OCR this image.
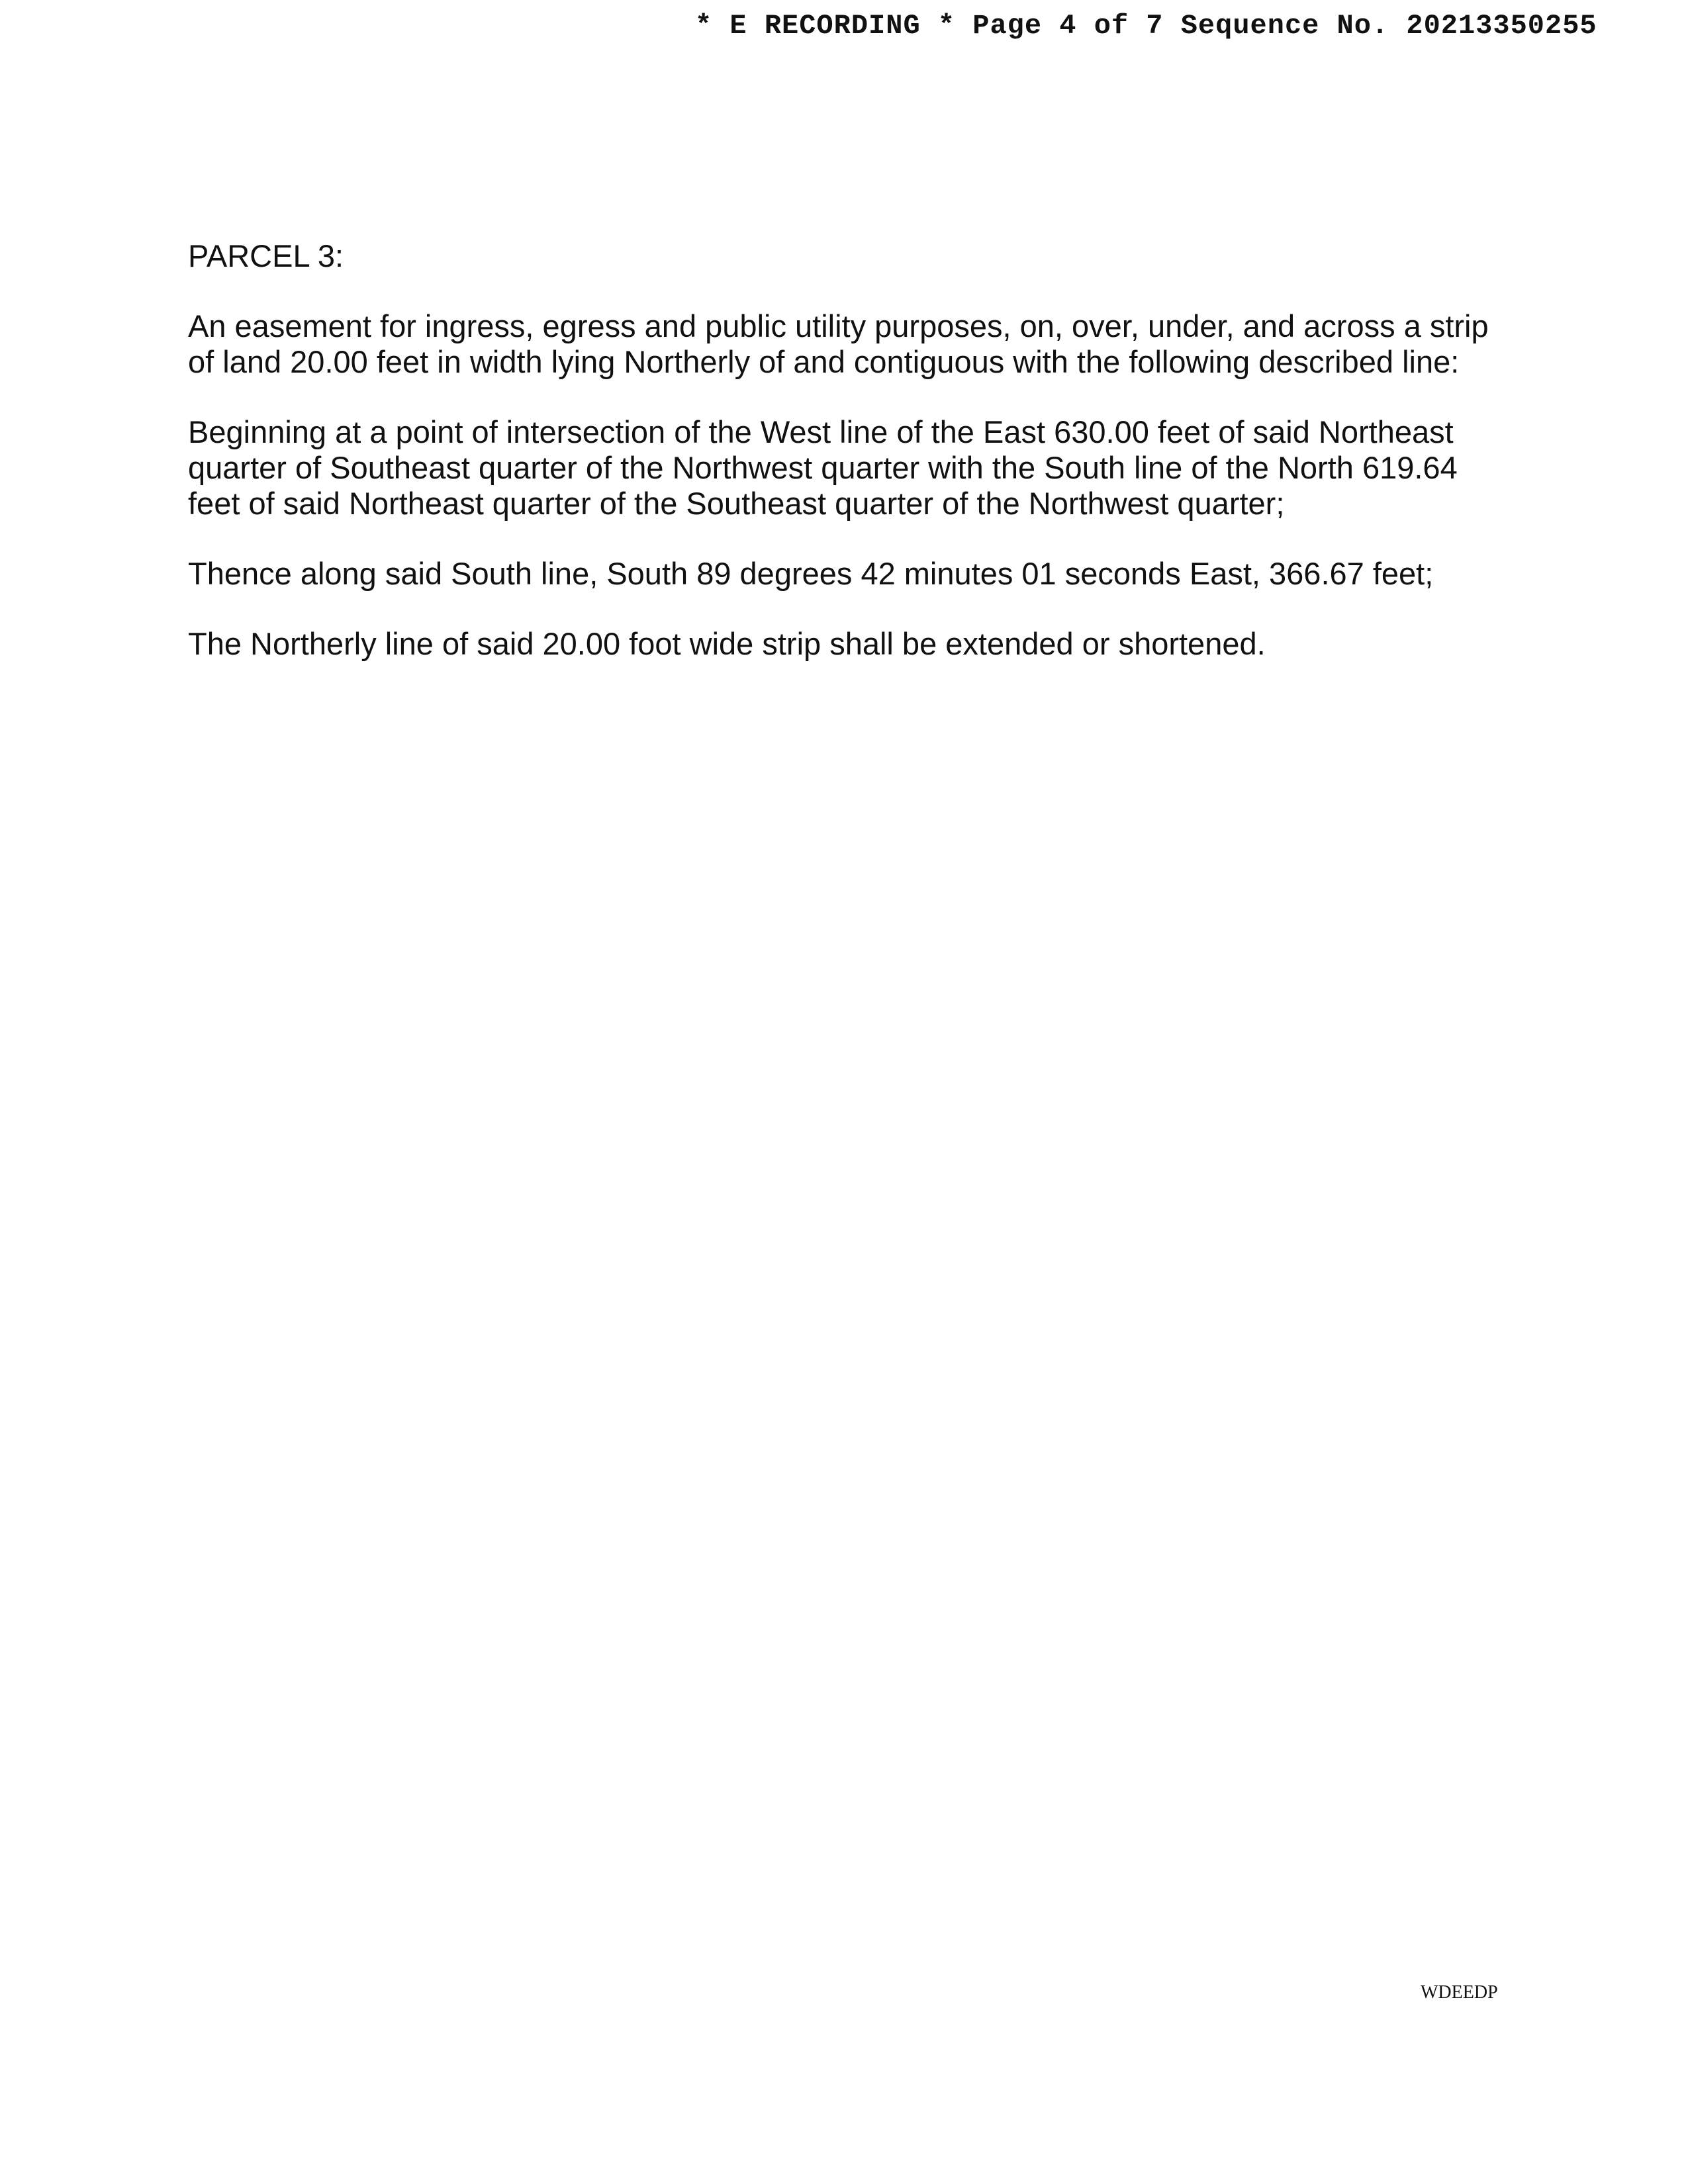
* E RECORDING * Page 4 of 7 Sequence No. 20213350255
PARCEL 3:

An easement for ingress, egress and public utility purposes, on, over, under, and across a strip of land 20.00 feet in width lying Northerly of and contiguous with the following described line:

Beginning at a point of intersection of the West line of the East 630.00 feet of said Northeast quarter of Southeast quarter of the Northwest quarter with the South line of the North 619.64 feet of said Northeast quarter of the Southeast quarter of the Northwest quarter;

Thence along said South line, South 89 degrees 42 minutes 01 seconds East, 366.67 feet;

The Northerly line of said 20.00 foot wide strip shall be extended or shortened.

WDEEDP
